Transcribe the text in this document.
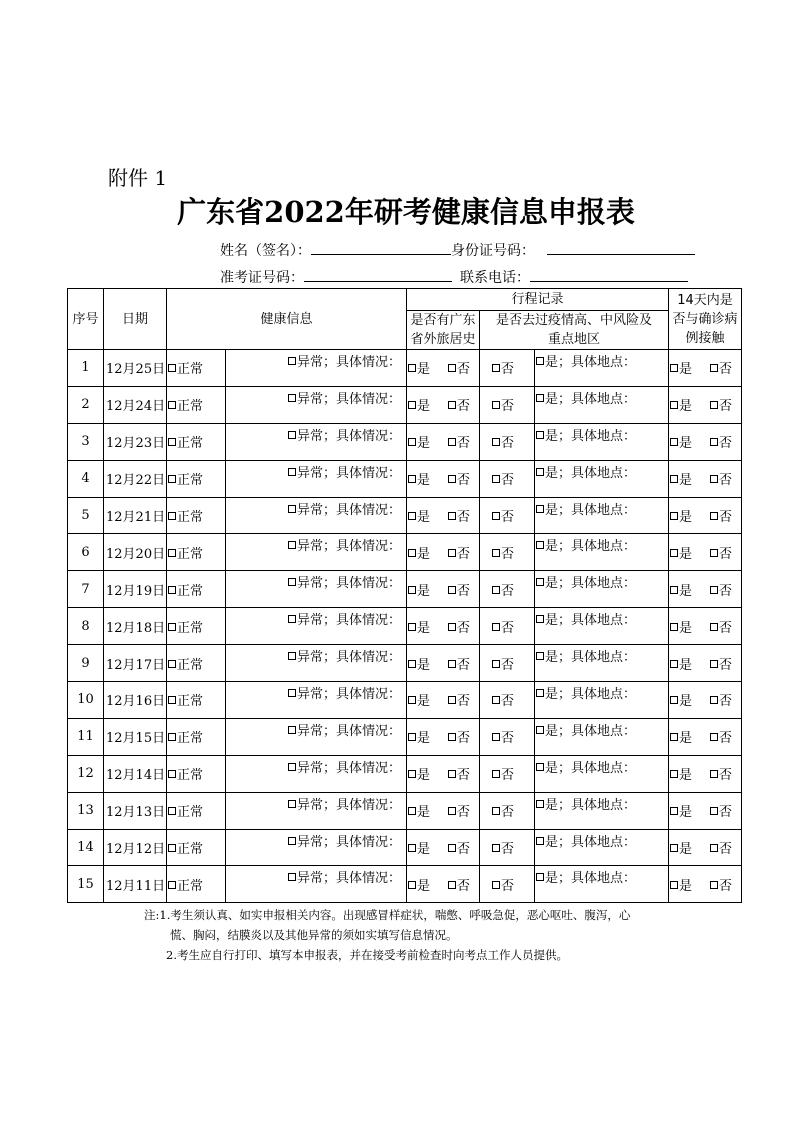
附件 1
广东省2022年研考健康信息申报表
姓名（签名）：	身份证号码：
准考证号码：	联系电话：
序号	日期	健康信息		行程记录			14天内是否与确诊病例接触
				是否有广东省外旅居史	是否去过疫情高、中风险及重点地区		
1	12月25日	正常	异常；具体情况：	是 否	否	是；具体地点：	是 否
2	12月24日	正常	异常；具体情况：	是 否	否	是；具体地点：	是 否
3	12月23日	正常	异常；具体情况：	是 否	否	是；具体地点：	是 否
4	12月22日	正常	异常；具体情况：	是 否	否	是；具体地点：	是 否
5	12月21日	正常	异常；具体情况：	是 否	否	是；具体地点：	是 否
6	12月20日	正常	异常；具体情况：	是 否	否	是；具体地点：	是 否
7	12月19日	正常	异常；具体情况：	是 否	否	是；具体地点：	是 否
8	12月18日	正常	异常；具体情况：	是 否	否	是；具体地点：	是 否
9	12月17日	正常	异常；具体情况：	是 否	否	是；具体地点：	是 否
10	12月16日	正常	异常；具体情况：	是 否	否	是；具体地点：	是 否
11	12月15日	正常	异常；具体情况：	是 否	否	是；具体地点：	是 否
12	12月14日	正常	异常；具体情况：	是 否	否	是；具体地点：	是 否
13	12月13日	正常	异常；具体情况：	是 否	否	是；具体地点：	是 否
14	12月12日	正常	异常；具体情况：	是 否	否	是；具体地点：	是 否
15	12月11日	正常	异常；具体情况：	是 否	否	是；具体地点：	是 否

注:1.考生须认真、如实申报相关内容。出现感冒样症状，喘憋、呼吸急促，恶心呕吐、腹泻，心

慌、胸闷，结膜炎以及其他异常的须如实填写信息情况。

2.考生应自行打印、填写本申报表，并在接受考前检查时向考点工作人员提供。
